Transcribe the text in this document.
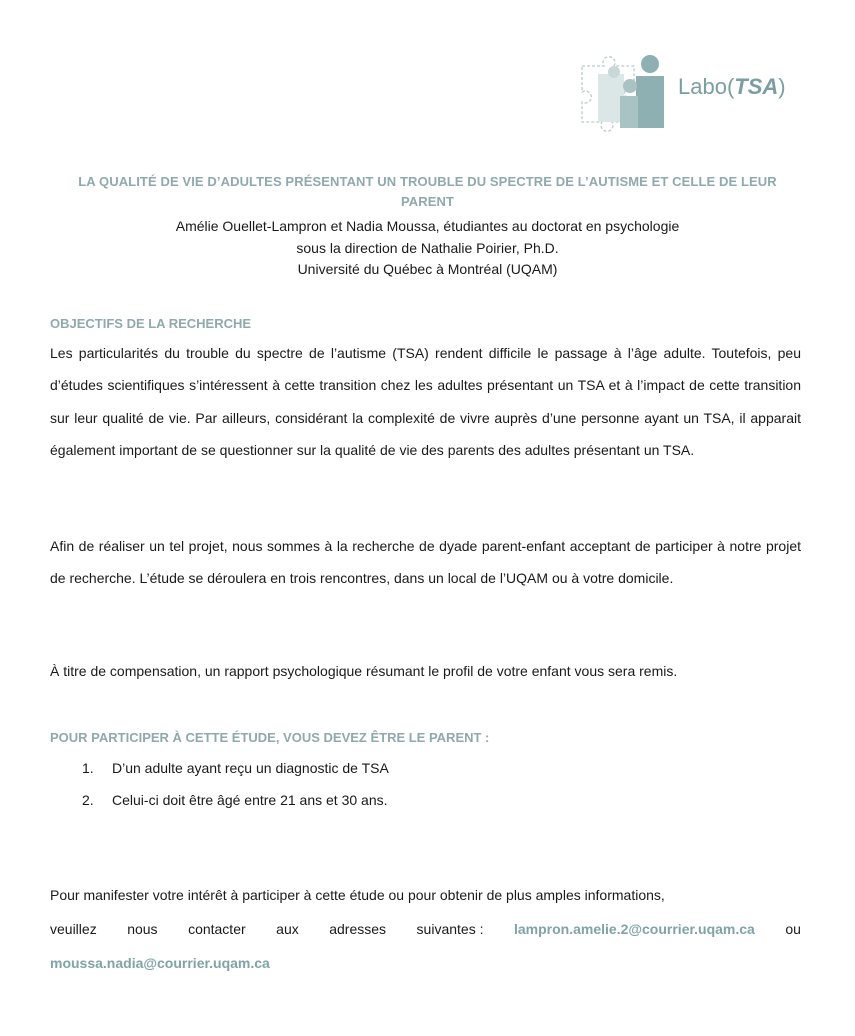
Labo(TSA)
LA QUALITÉ DE VIE D’ADULTES PRÉSENTANT UN TROUBLE DU SPECTRE DE L’AUTISME ET CELLE DE LEUR
PARENT
Amélie Ouellet-Lampron et Nadia Moussa, étudiantes au doctorat en psychologie
sous la direction de Nathalie Poirier, Ph.D.
Université du Québec à Montréal (UQAM)
OBJECTIFS DE LA RECHERCHE
Les particularités du trouble du spectre de l’autisme (TSA) rendent difficile le passage à l’âge adulte. Toutefois, peu d’études scientifiques s’intéressent à cette transition chez les adultes présentant un TSA et à l’impact de cette transition sur leur qualité de vie. Par ailleurs, considérant la complexité de vivre auprès d’une personne ayant un TSA, il apparait également important de se questionner sur la qualité de vie des parents des adultes présentant un TSA.
Afin de réaliser un tel projet, nous sommes à la recherche de dyade parent-enfant acceptant de participer à notre projet de recherche. L’étude se déroulera en trois rencontres, dans un local de l’UQAM ou à votre domicile.
À titre de compensation, un rapport psychologique résumant le profil de votre enfant vous sera remis.
POUR PARTICIPER À CETTE ÉTUDE, VOUS DEVEZ ÊTRE LE PARENT :
1. D’un adulte ayant reçu un diagnostic de TSA
2. Celui-ci doit être âgé entre 21 ans et 30 ans.
Pour manifester votre intérêt à participer à cette étude ou pour obtenir de plus amples informations,
veuillez nous contacter aux adresses suivantes : lampron.amelie.2@courrier.uqam.ca ou
moussa.nadia@courrier.uqam.ca
